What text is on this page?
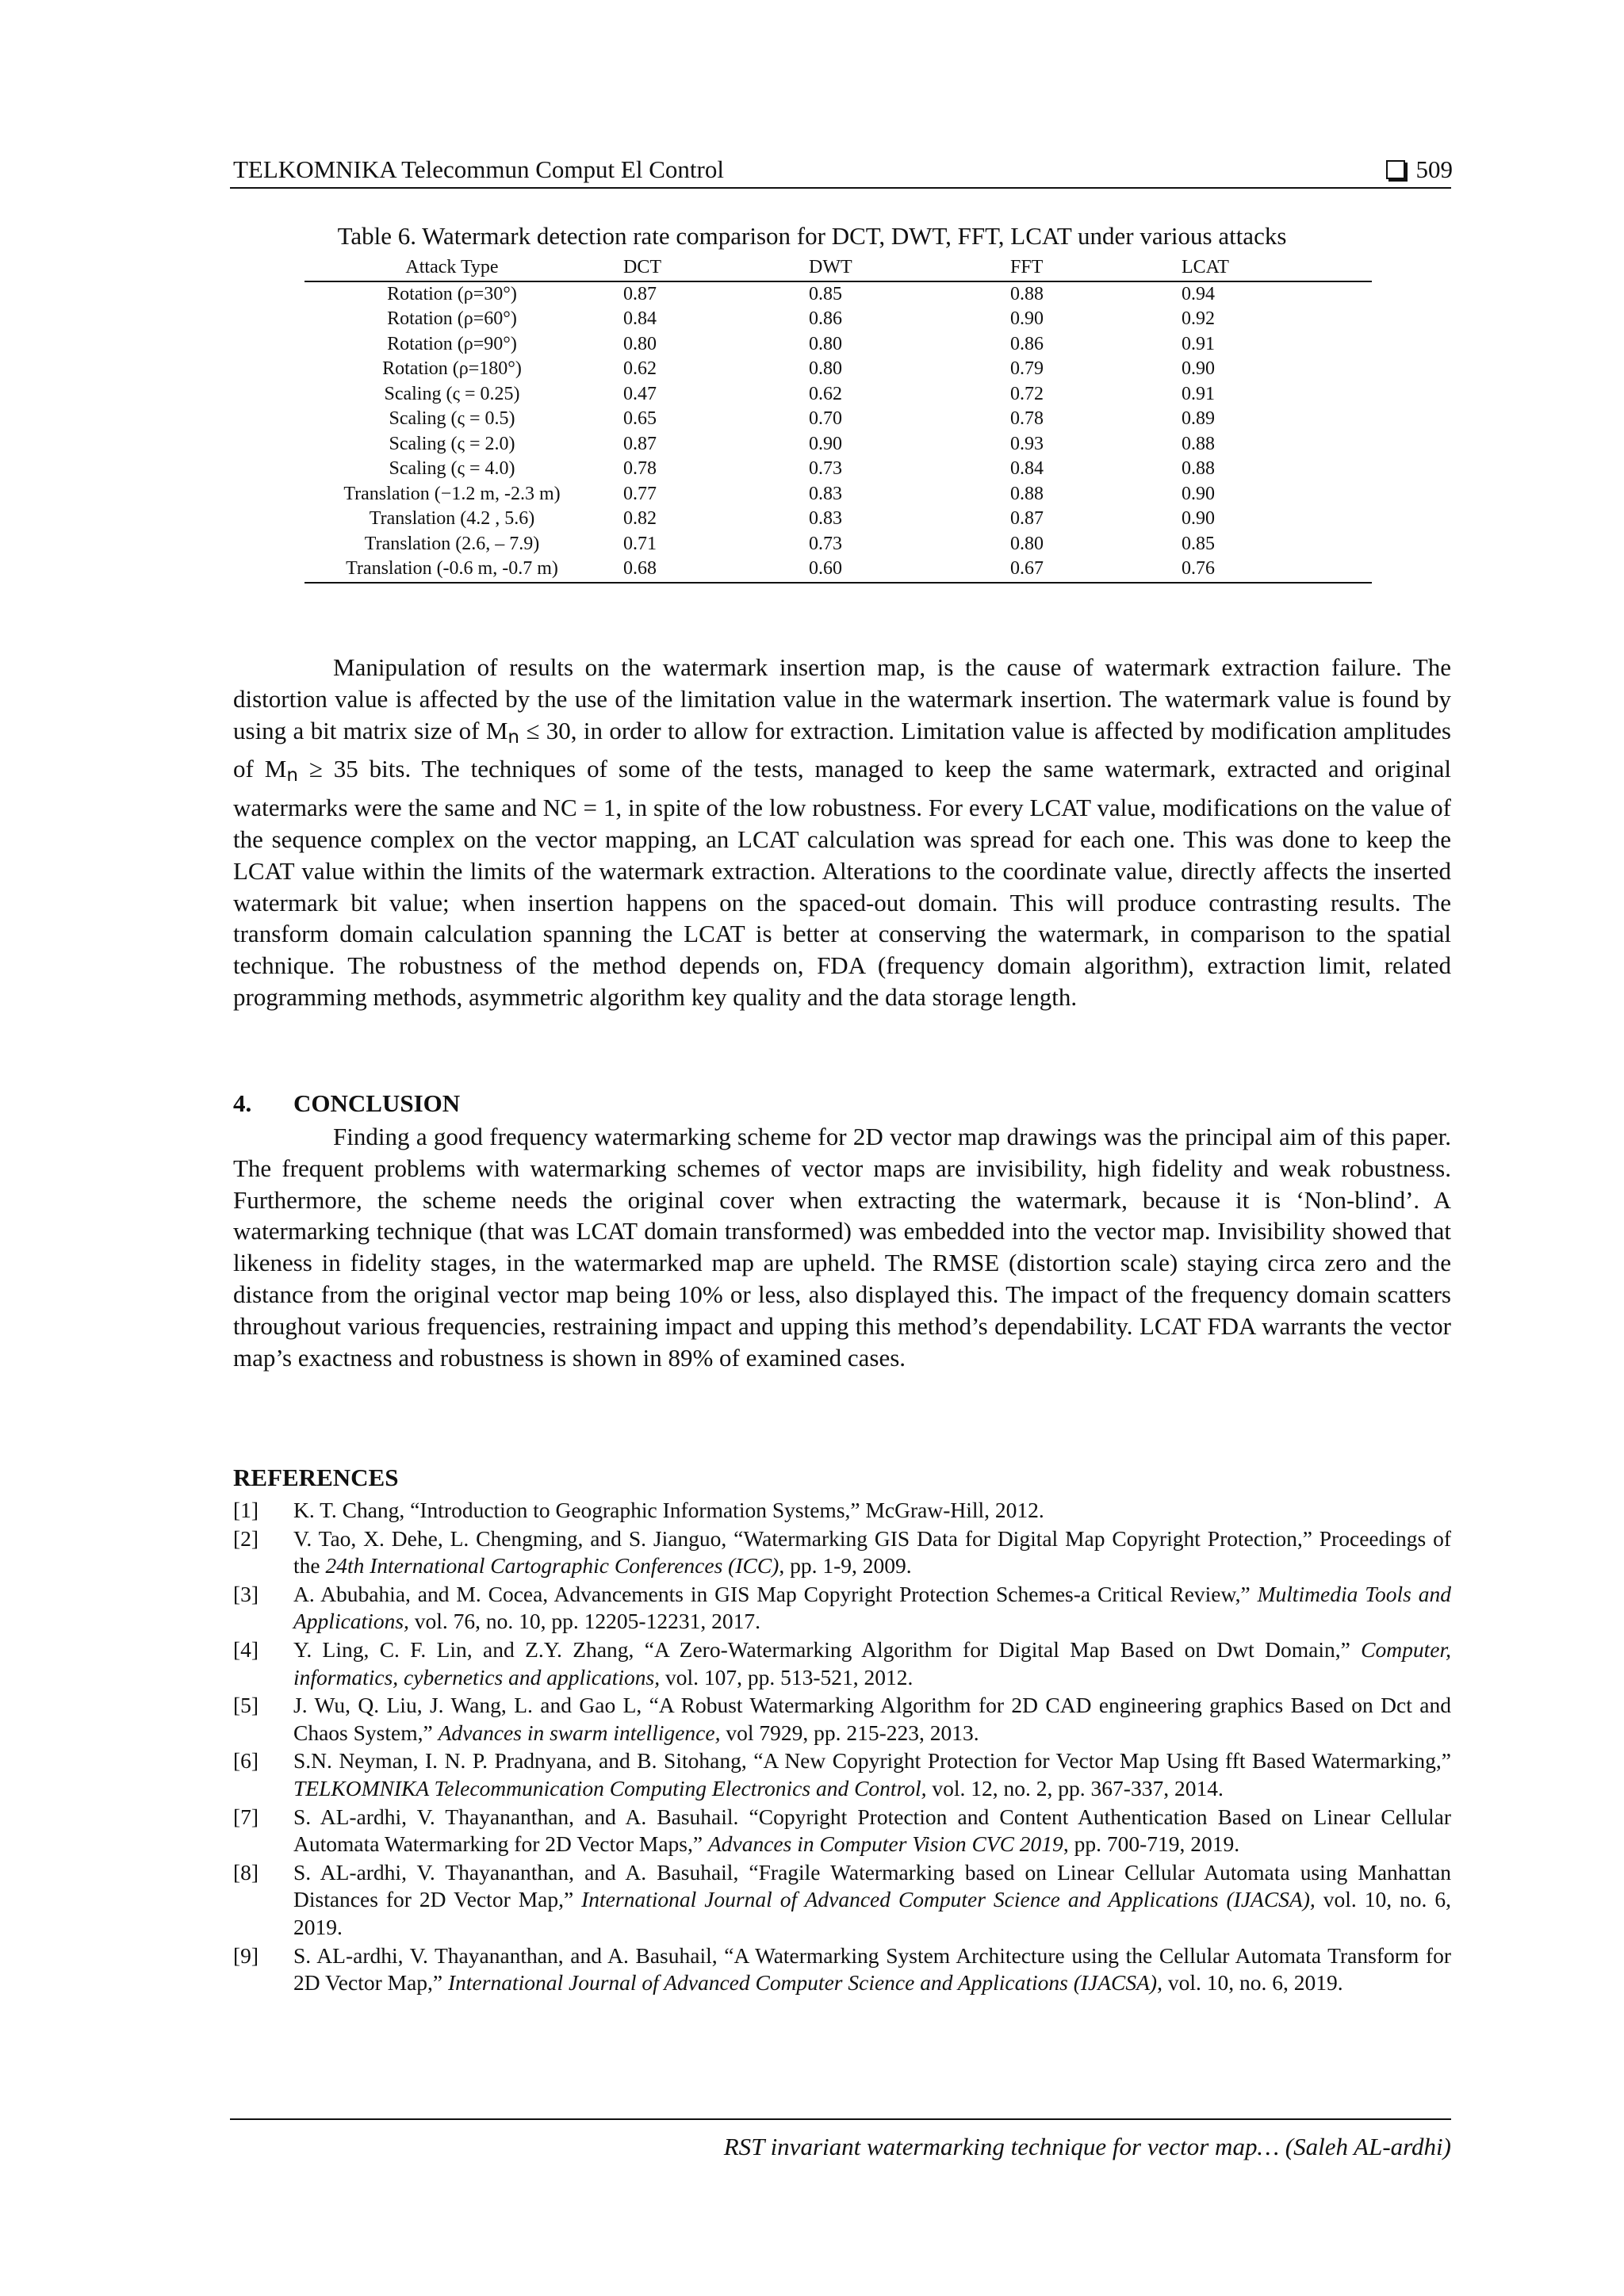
TELKOMNIKA Telecommun Comput El Control	509
Table 6. Watermark detection rate comparison for DCT, DWT, FFT, LCAT under various attacks
Attack Type	DCT	DWT	FFT	LCAT
Rotation (ρ=30°)	0.87	0.85	0.88	0.94
Rotation (ρ=60°)	0.84	0.86	0.90	0.92
Rotation (ρ=90°)	0.80	0.80	0.86	0.91
Rotation (ρ=180°)	0.62	0.80	0.79	0.90
Scaling (ς = 0.25)	0.47	0.62	0.72	0.91
Scaling (ς = 0.5)	0.65	0.70	0.78	0.89
Scaling (ς = 2.0)	0.87	0.90	0.93	0.88
Scaling (ς = 4.0)	0.78	0.73	0.84	0.88
Translation (−1.2 m, -2.3 m)	0.77	0.83	0.88	0.90
Translation (4.2 , 5.6)	0.82	0.83	0.87	0.90
Translation (2.6, – 7.9)	0.71	0.73	0.80	0.85
Translation (-0.6 m, -0.7 m)	0.68	0.60	0.67	0.76

Manipulation of results on the watermark insertion map, is the cause of watermark extraction failure. The distortion value is affected by the use of the limitation value in the watermark insertion. The watermark value is found by using a bit matrix size of $M_n \le 30$, in order to allow for extraction. Limitation value is affected by modification amplitudes of $M_n \ge 35$ bits. The techniques of some of the tests, managed to keep the same watermark, extracted and original watermarks were the same and NC = 1, in spite of the low robustness. For every LCAT value, modifications on the value of the sequence complex on the vector mapping, an LCAT calculation was spread for each one. This was done to keep the LCAT value within the limits of the watermark extraction. Alterations to the coordinate value, directly affects the inserted watermark bit value; when insertion happens on the spaced-out domain. This will produce contrasting results. The transform domain calculation spanning the LCAT is better at conserving the watermark, in comparison to the spatial technique. The robustness of the method depends on, FDA (frequency domain algorithm), extraction limit, related programming methods, asymmetric algorithm key quality and the data storage length.

4. CONCLUSION

Finding a good frequency watermarking scheme for 2D vector map drawings was the principal aim of this paper. The frequent problems with watermarking schemes of vector maps are invisibility, high fidelity and weak robustness. Furthermore, the scheme needs the original cover when extracting the watermark, because it is ‘Non-blind’. A watermarking technique (that was LCAT domain transformed) was embedded into the vector map. Invisibility showed that likeness in fidelity stages, in the watermarked map are upheld. The RMSE (distortion scale) staying circa zero and the distance from the original vector map being 10% or less, also displayed this. The impact of the frequency domain scatters throughout various frequencies, restraining impact and upping this method’s dependability. LCAT FDA warrants the vector map’s exactness and robustness is shown in 89% of examined cases.

REFERENCES
[1]	K. T. Chang, “Introduction to Geographic Information Systems,” McGraw-Hill, 2012.
[2]	V. Tao, X. Dehe, L. Chengming, and S. Jianguo, “Watermarking GIS Data for Digital Map Copyright Protection,” Proceedings of the 24th International Cartographic Conferences (ICC), pp. 1-9, 2009.
[3]	A. Abubahia, and M. Cocea, Advancements in GIS Map Copyright Protection Schemes-a Critical Review,” Multimedia Tools and Applications, vol. 76, no. 10, pp. 12205-12231, 2017.
[4]	Y. Ling, C. F. Lin, and Z.Y. Zhang, “A Zero-Watermarking Algorithm for Digital Map Based on Dwt Domain,” Computer, informatics, cybernetics and applications, vol. 107, pp. 513-521, 2012.
[5]	J. Wu, Q. Liu, J. Wang, L. and Gao L, “A Robust Watermarking Algorithm for 2D CAD engineering graphics Based on Dct and Chaos System,” Advances in swarm intelligence, vol 7929, pp. 215-223, 2013.
[6]	S.N. Neyman, I. N. P. Pradnyana, and B. Sitohang, “A New Copyright Protection for Vector Map Using fft Based Watermarking,” TELKOMNIKA Telecommunication Computing Electronics and Control, vol. 12, no. 2, pp. 367-337, 2014.
[7]	S. AL-ardhi, V. Thayananthan, and A. Basuhail. “Copyright Protection and Content Authentication Based on Linear Cellular Automata Watermarking for 2D Vector Maps,” Advances in Computer Vision CVC 2019, pp. 700-719, 2019.
[8]	S. AL-ardhi, V. Thayananthan, and A. Basuhail, “Fragile Watermarking based on Linear Cellular Automata using Manhattan Distances for 2D Vector Map,” International Journal of Advanced Computer Science and Applications (IJACSA), vol. 10, no. 6, 2019.
[9]	S. AL-ardhi, V. Thayananthan, and A. Basuhail, “A Watermarking System Architecture using the Cellular Automata Transform for 2D Vector Map,” International Journal of Advanced Computer Science and Applications (IJACSA), vol. 10, no. 6, 2019.
RST invariant watermarking technique for vector map… (Saleh AL-ardhi)
